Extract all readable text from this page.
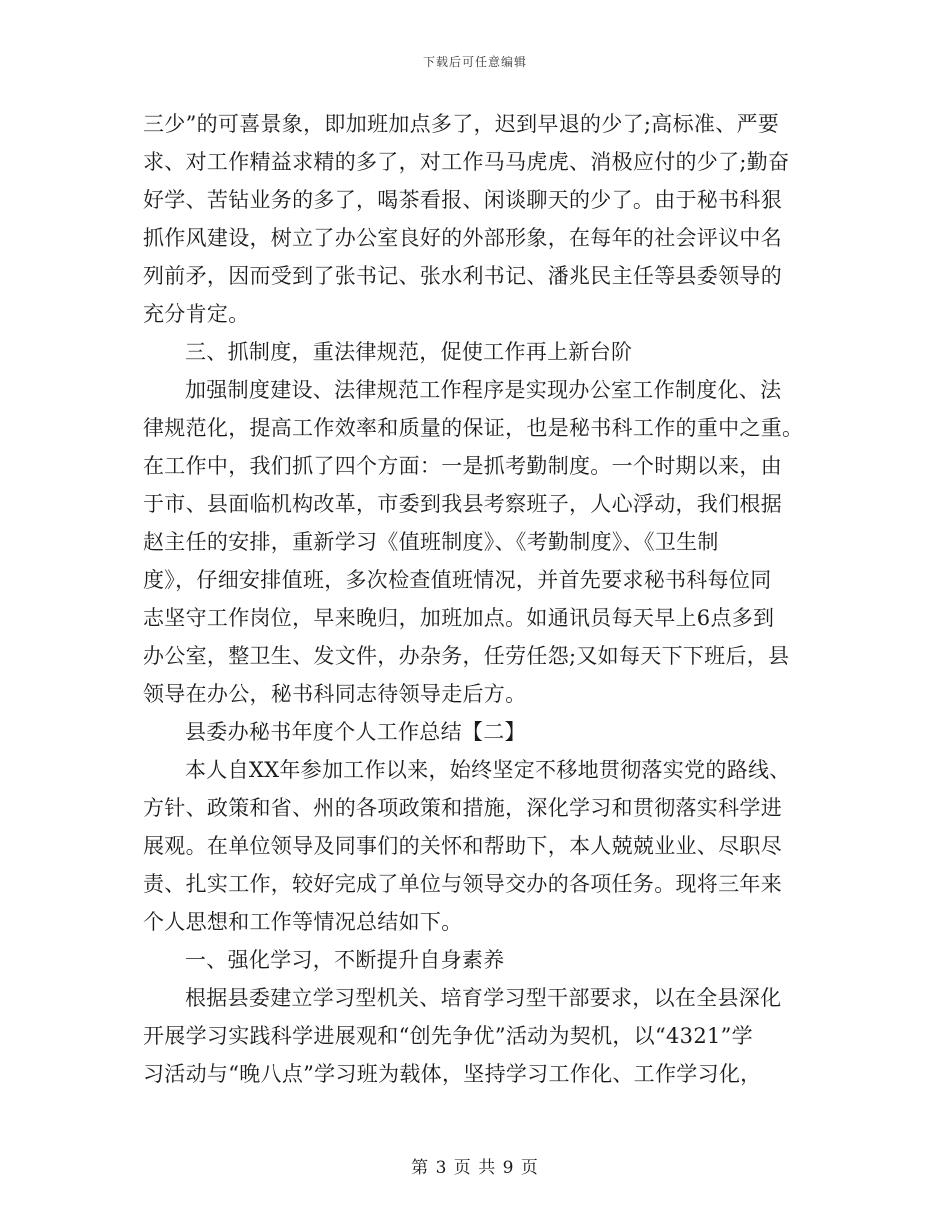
下载后可任意编辑
三少”的可喜景象，即加班加点多了，迟到早退的少了;高标准、严要
求、对工作精益求精的多了，对工作马马虎虎、消极应付的少了;勤奋
好学、苦钻业务的多了，喝茶看报、闲谈聊天的少了。由于秘书科狠
抓作风建设，树立了办公室良好的外部形象，在每年的社会评议中名
列前矛，因而受到了张书记、张水利书记、潘兆民主任等县委领导的
充分肯定。
三、抓制度，重法律规范，促使工作再上新台阶
加强制度建设、法律规范工作程序是实现办公室工作制度化、法
律规范化，提高工作效率和质量的保证，也是秘书科工作的重中之重。
在工作中，我们抓了四个方面：一是抓考勤制度。一个时期以来，由
于市、县面临机构改革，市委到我县考察班子，人心浮动，我们根据
赵主任的安排，重新学习《值班制度》、《考勤制度》、《卫生制
度》，仔细安排值班，多次检查值班情况，并首先要求秘书科每位同
志坚守工作岗位，早来晚归，加班加点。如通讯员每天早上6点多到
办公室，整卫生、发文件，办杂务，任劳任怨;又如每天下下班后，县
领导在办公，秘书科同志待领导走后方。
县委办秘书年度个人工作总结【二】
本人自XX年参加工作以来，始终坚定不移地贯彻落实党的路线、
方针、政策和省、州的各项政策和措施，深化学习和贯彻落实科学进
展观。在单位领导及同事们的关怀和帮助下，本人兢兢业业、尽职尽
责、扎实工作，较好完成了单位与领导交办的各项任务。现将三年来
个人思想和工作等情况总结如下。
一、强化学习，不断提升自身素养
根据县委建立学习型机关、培育学习型干部要求，以在全县深化
开展学习实践科学进展观和“创先争优”活动为契机，以“4321”学
习活动与“晚八点”学习班为载体，坚持学习工作化、工作学习化，
第 3 页 共 9 页
